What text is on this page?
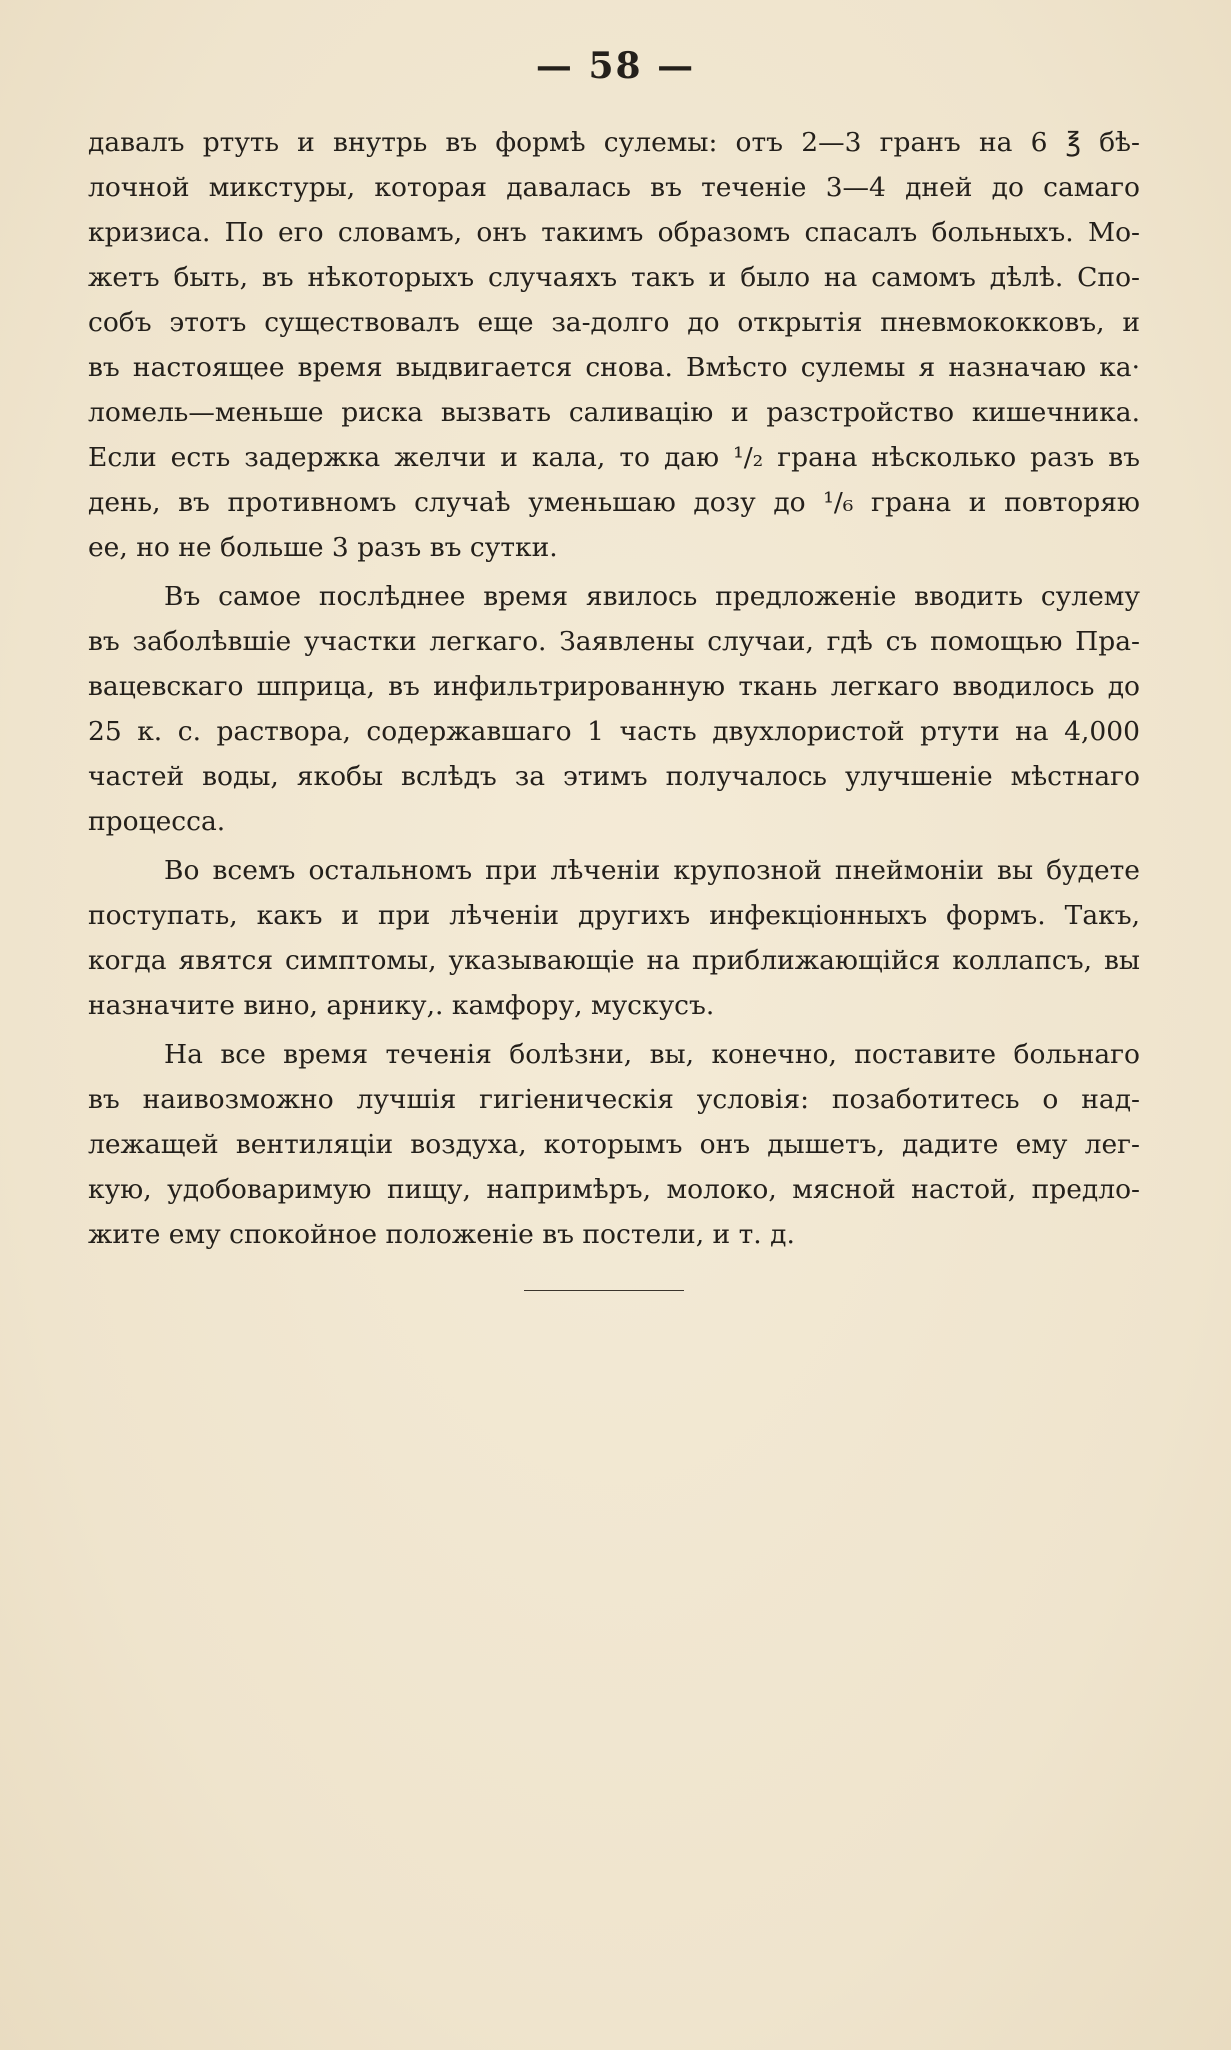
— 58 —
давалъ ртуть и внутрь въ формѣ сулемы: отъ 2—3 гранъ на 6 ℥ бѣ-
лочной микстуры, которая давалась въ теченіе 3—4 дней до самаго
кризиса. По его словамъ, онъ такимъ образомъ спасалъ больныхъ. Мо-
жетъ быть, въ нѣкоторыхъ случаяхъ такъ и было на самомъ дѣлѣ. Спо-
собъ этотъ существовалъ еще за-долго до открытія пневмококковъ, и
въ настоящее время выдвигается снова. Вмѣсто сулемы я назначаю ка·
ломель—меньше риска вызвать саливацію и разстройство кишечника.
Если есть задержка желчи и кала, то даю ¹/₂ грана нѣсколько разъ въ
день, въ противномъ случаѣ уменьшаю дозу до ¹/₆ грана и повторяю
ее, но не больше 3 разъ въ сутки.
Въ самое послѣднее время явилось предложеніе вводить сулему
въ заболѣвшіе участки легкаго. Заявлены случаи, гдѣ съ помощью Пра-
вацевскаго шприца, въ инфильтрированную ткань легкаго вводилось до
25 к. с. раствора, содержавшаго 1 часть двухлористой ртути на 4,000
частей воды, якобы вслѣдъ за этимъ получалось улучшеніе мѣстнаго
процесса.
Во всемъ остальномъ при лѣченіи крупозной пнеймоніи вы будете
поступать, какъ и при лѣченіи другихъ инфекціонныхъ формъ. Такъ,
когда явятся симптомы, указывающіе на приближающійся коллапсъ, вы
назначите вино, арнику,. камфору, мускусъ.
На все время теченія болѣзни, вы, конечно, поставите больнаго
въ наивозможно лучшія гигіеническія условія: позаботитесь о над-
лежащей вентиляціи воздуха, которымъ онъ дышетъ, дадите ему лег-
кую, удобоваримую пищу, напримѣръ, молоко, мясной настой, предло-
жите ему спокойное положеніе въ постели, и т. д.
